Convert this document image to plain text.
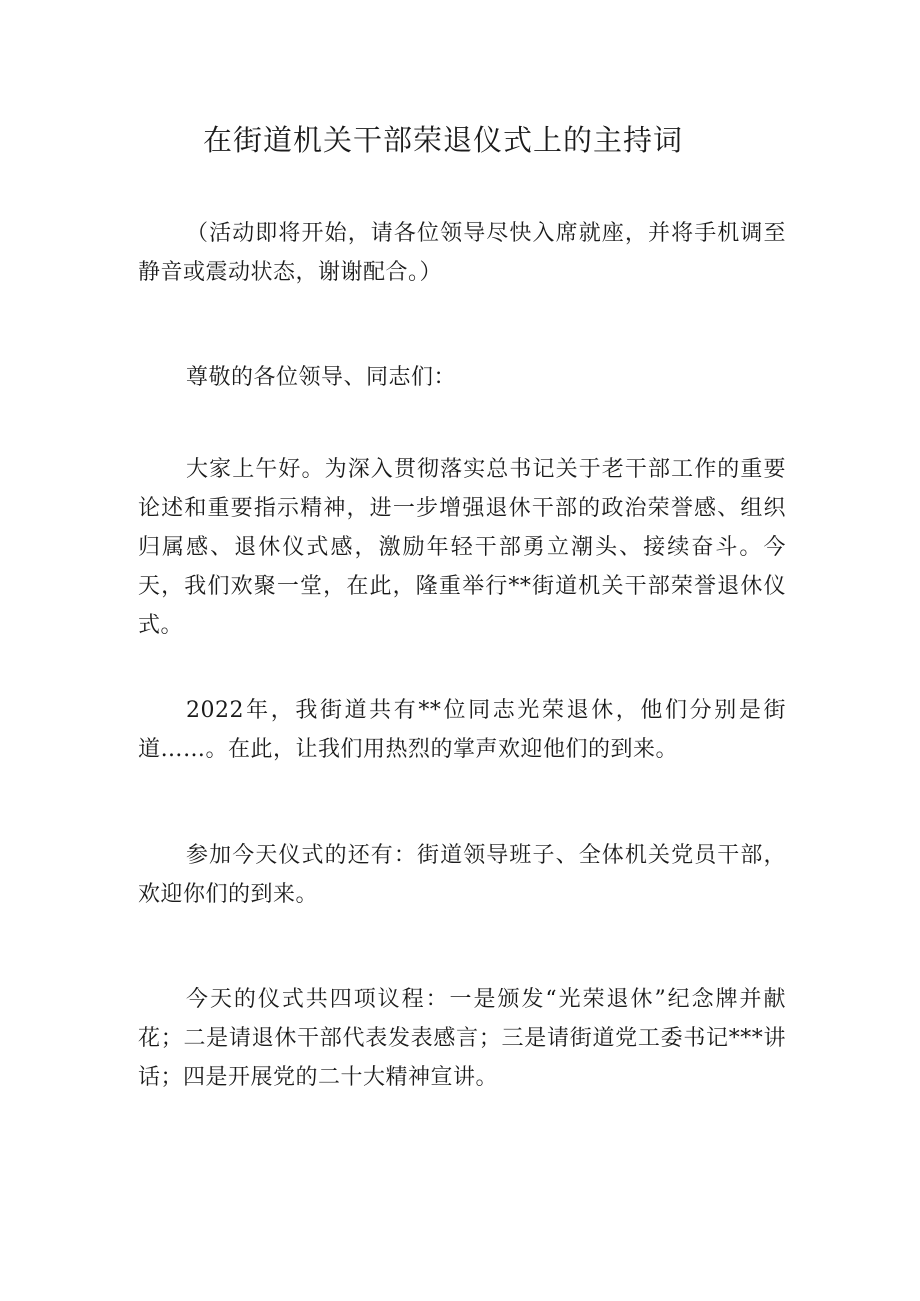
在街道机关干部荣退仪式上的主持词

（活动即将开始，请各位领导尽快入席就座，并将手机调至静音或震动状态，谢谢配合。）

尊敬的各位领导、同志们：

大家上午好。为深入贯彻落实总书记关于老干部工作的重要论述和重要指示精神，进一步增强退休干部的政治荣誉感、组织归属感、退休仪式感，激励年轻干部勇立潮头、接续奋斗。今天，我们欢聚一堂，在此，隆重举行**街道机关干部荣誉退休仪式。

2022年，我街道共有**位同志光荣退休，他们分别是街道……。在此，让我们用热烈的掌声欢迎他们的到来。

参加今天仪式的还有：街道领导班子、全体机关党员干部，欢迎你们的到来。

今天的仪式共四项议程：一是颁发“光荣退休”纪念牌并献花；二是请退休干部代表发表感言；三是请街道党工委书记***讲话；四是开展党的二十大精神宣讲。
